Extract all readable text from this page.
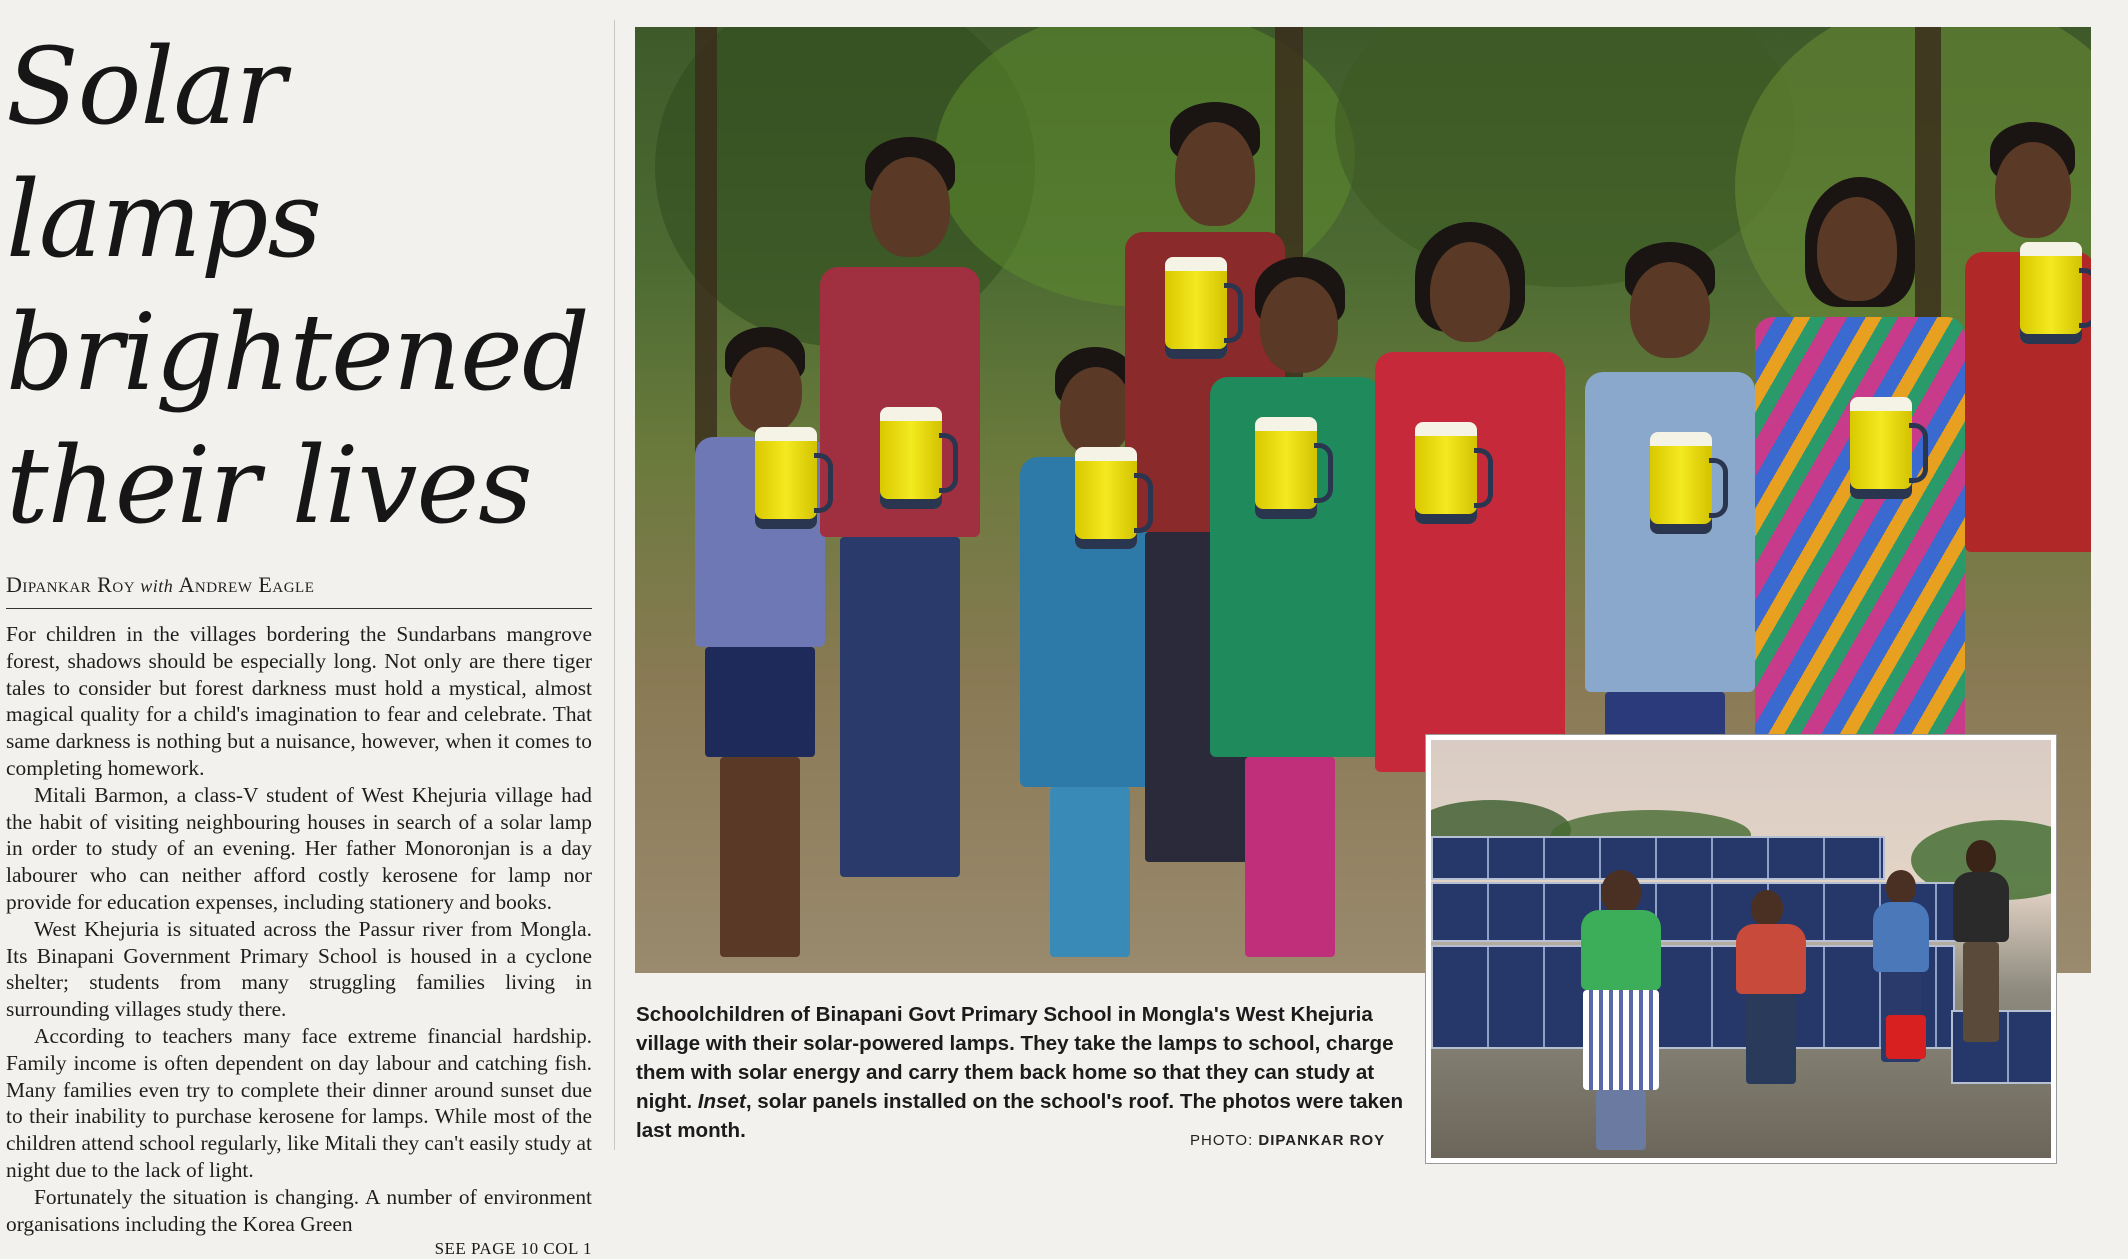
Solar lamps
brightened
their lives
Dipankar Roy with Andrew Eagle

For children in the villages bordering the Sundarbans mangrove forest, shadows should be especially long. Not only are there tiger tales to consider but forest darkness must hold a mystical, almost magical quality for a child's imagination to fear and celebrate. That same darkness is nothing but a nuisance, however, when it comes to completing homework.

Mitali Barmon, a class-V student of West Khejuria village had the habit of visiting neighbouring houses in search of a solar lamp in order to study of an evening. Her father Monoronjan is a day labourer who can neither afford costly kerosene for lamp nor provide for education expenses, including stationery and books.

West Khejuria is situated across the Passur river from Mongla. Its Binapani Government Primary School is housed in a cyclone shelter; students from many struggling families living in surrounding villages study there.

According to teachers many face extreme financial hardship. Family income is often dependent on day labour and catching fish. Many families even try to complete their dinner around sunset due to their inability to purchase kerosene for lamps. While most of the children attend school regularly, like Mitali they can't easily study at night due to the lack of light.

Fortunately the situation is changing. A number of environment organisations including the Korea Green

SEE PAGE 10 COL 1
Schoolchildren of Binapani Govt Primary School in Mongla's West Khejuria village with their solar-powered lamps. They take the lamps to school, charge them with solar energy and carry them back home so that they can study at night. Inset, solar panels installed on the school's roof. The photos were taken last month.	PHOTO: DIPANKAR ROY
